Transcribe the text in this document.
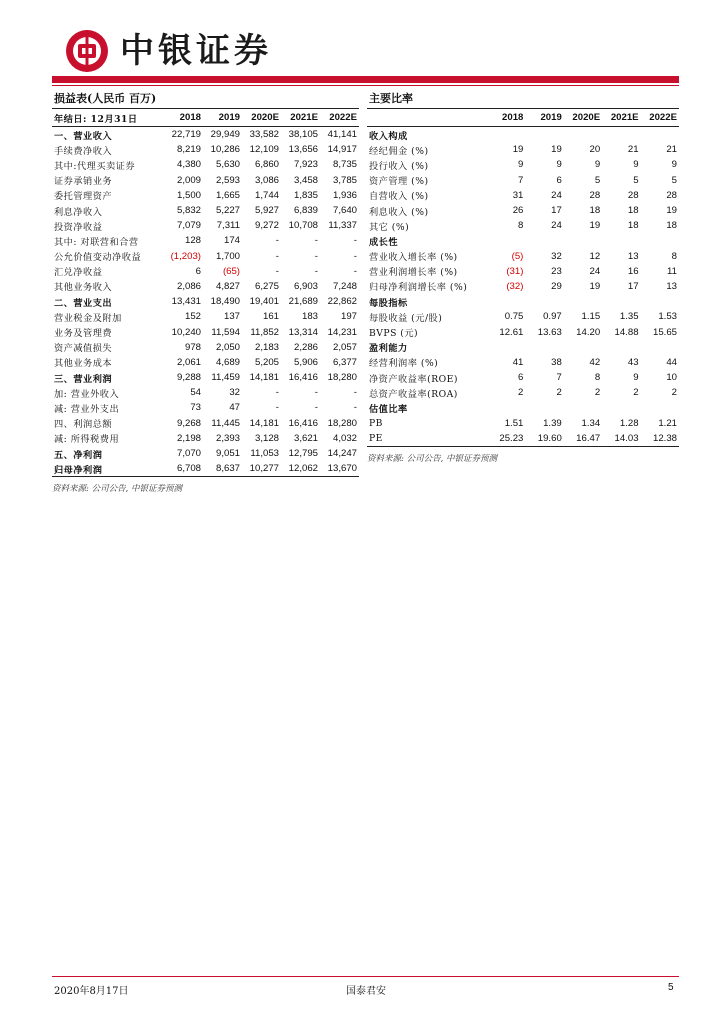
中银证券
损益表(人民币 百万)
年结日: 12月31日	2018	2019	2020E	2021E	2022E
一、营业收入	22,719	29,949	33,582	38,105	41,141
手续费净收入	8,219	10,286	12,109	13,656	14,917
其中:代理买卖证券	4,380	5,630	6,860	7,923	8,735
证券承销业务	2,009	2,593	3,086	3,458	3,785
委托管理资产	1,500	1,665	1,744	1,835	1,936
利息净收入	5,832	5,227	5,927	6,839	7,640
投资净收益	7,079	7,311	9,272	10,708	11,337
其中: 对联营和合营	128	174	-	-	-
公允价值变动净收益	(1,203)	1,700	-	-	-
汇兑净收益	6	(65)	-	-	-
其他业务收入	2,086	4,827	6,275	6,903	7,248
二、营业支出	13,431	18,490	19,401	21,689	22,862
营业税金及附加	152	137	161	183	197
业务及管理费	10,240	11,594	11,852	13,314	14,231
资产减值损失	978	2,050	2,183	2,286	2,057
其他业务成本	2,061	4,689	5,205	5,906	6,377
三、营业利润	9,288	11,459	14,181	16,416	18,280
加: 营业外收入	54	32	-	-	-
减: 营业外支出	73	47	-	-	-
四、利润总额	9,268	11,445	14,181	16,416	18,280
减: 所得税费用	2,198	2,393	3,128	3,621	4,032
五、净利润	7,070	9,051	11,053	12,795	14,247
归母净利润	6,708	8,637	10,277	12,062	13,670
资料来源: 公司公告, 中银证券预测
主要比率
	2018	2019	2020E	2021E	2022E
收入构成					
经纪佣金 (%)	19	19	20	21	21
投行收入 (%)	9	9	9	9	9
资产管理 (%)	7	6	5	5	5
自营收入 (%)	31	24	28	28	28
利息收入 (%)	26	17	18	18	19
其它 (%)	8	24	19	18	18
成长性					
营业收入增长率 (%)	(5)	32	12	13	8
营业利润增长率 (%)	(31)	23	24	16	11
归母净利润增长率 (%)	(32)	29	19	17	13
每股指标					
每股收益 (元/股)	0.75	0.97	1.15	1.35	1.53
BVPS (元)	12.61	13.63	14.20	14.88	15.65
盈利能力					
经营利润率 (%)	41	38	42	43	44
净资产收益率(ROE)	6	7	8	9	10
总资产收益率(ROA)	2	2	2	2	2
估值比率					
PB	1.51	1.39	1.34	1.28	1.21
PE	25.23	19.60	16.47	14.03	12.38
资料来源: 公司公告, 中银证券预测
2020年8月17日	国泰君安	5
